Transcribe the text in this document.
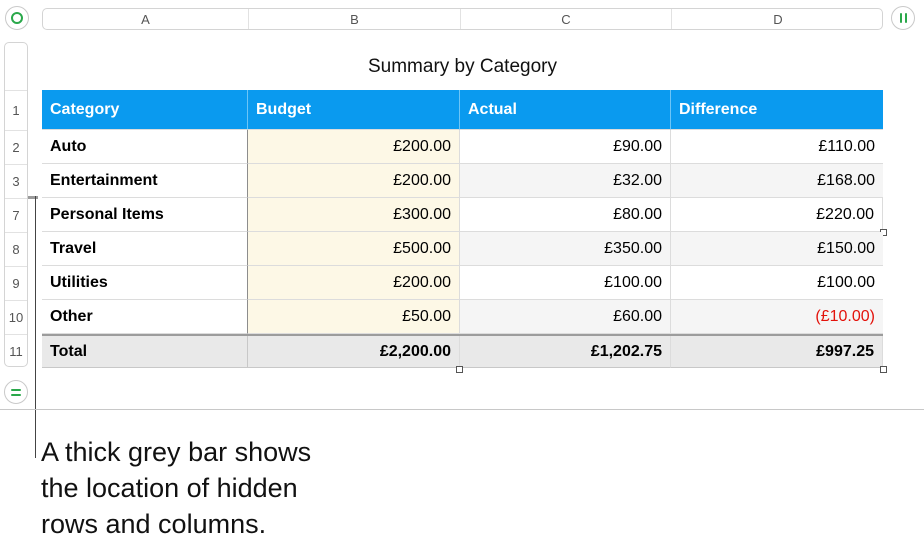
A	B	C	D
1
2
3
7
8
9
10
11
Summary by Category
Category	Budget	Actual	Difference
Auto	£200.00	£90.00	£110.00
Entertainment	£200.00	£32.00	£168.00
Personal Items	£300.00	£80.00	£220.00
Travel	£500.00	£350.00	£150.00
Utilities	£200.00	£100.00	£100.00
Other	£50.00	£60.00	(£10.00)
Total	£2,200.00	£1,202.75	£997.25
A thick grey bar shows
the location of hidden
rows and columns.
